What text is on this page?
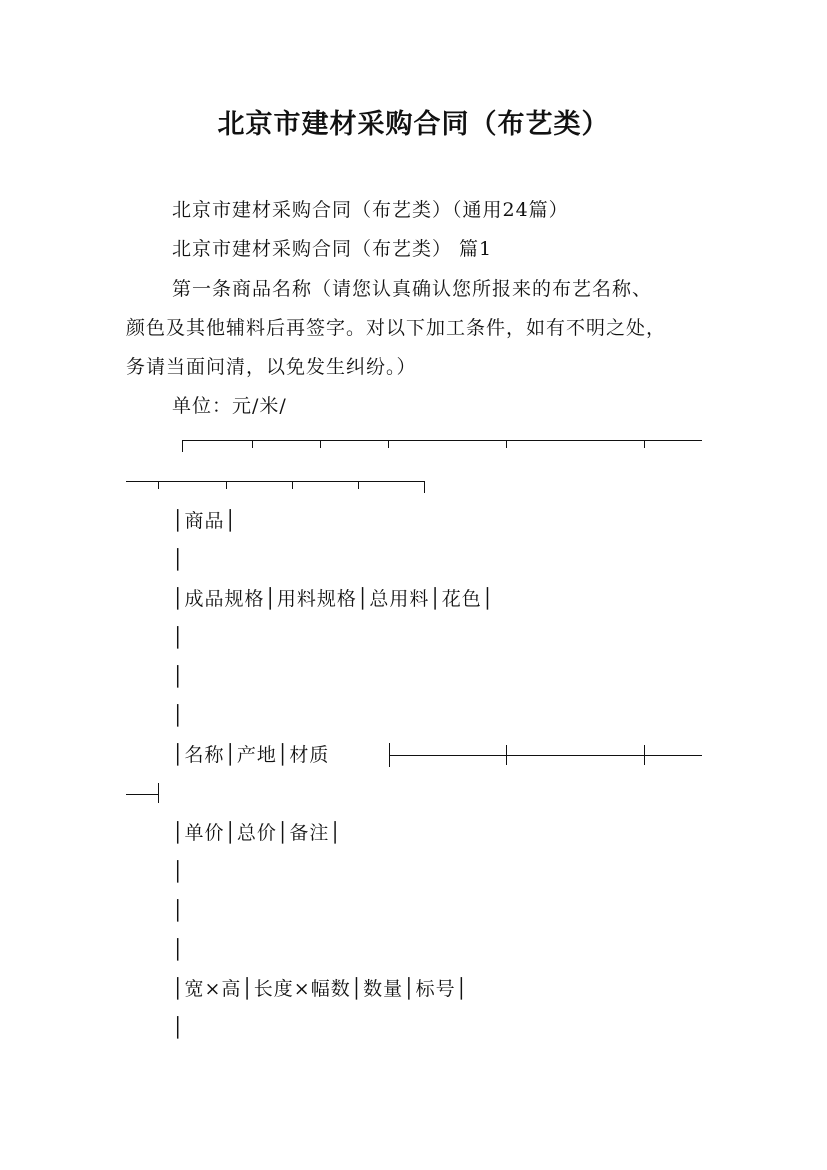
北京市建材采购合同（布艺类）
北京市建材采购合同（布艺类）（通用24篇）
北京市建材采购合同（布艺类） 篇1
第一条商品名称（请您认真确认您所报来的布艺名称、
颜色及其他辅料后再签字。对以下加工条件，如有不明之处，
务请当面问清，以免发生纠纷。）
单位：元/米/
│商品│
│
│成品规格│用料规格│总用料│花色│
│
│
│
│名称│产地│材质
│单价│总价│备注│
│
│
│
│宽×高│长度×幅数│数量│标号│
│
